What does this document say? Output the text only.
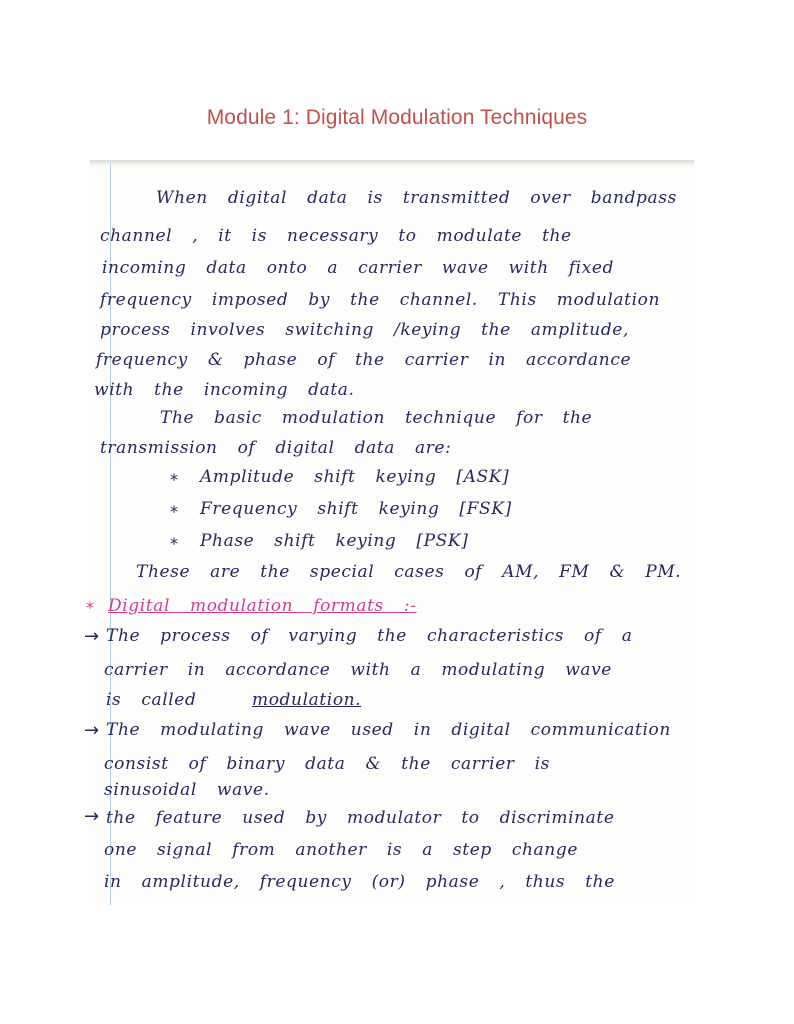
Module 1: Digital Modulation Techniques
When digital data is transmitted over bandpass
channel , it is necessary to modulate the
incoming data onto a carrier wave with fixed
frequency imposed by the channel. This modulation
process involves switching /keying the amplitude,
frequency & phase of the carrier in accordance
with the incoming data.
The basic modulation technique for the
transmission of digital data are:
* Amplitude shift keying [ASK]
* Frequency shift keying [FSK]
* Phase shift keying [PSK]
These are the special cases of AM, FM & PM.
* Digital modulation formats :-
→ The process of varying the characteristics of a
carrier in accordance with a modulating wave
is called	modulation.
→ The modulating wave used in digital communication
consist of binary data & the carrier is
sinusoidal wave.
→ the feature used by modulator to discriminate
one signal from another is a step change
in amplitude, frequency (or) phase , thus the
